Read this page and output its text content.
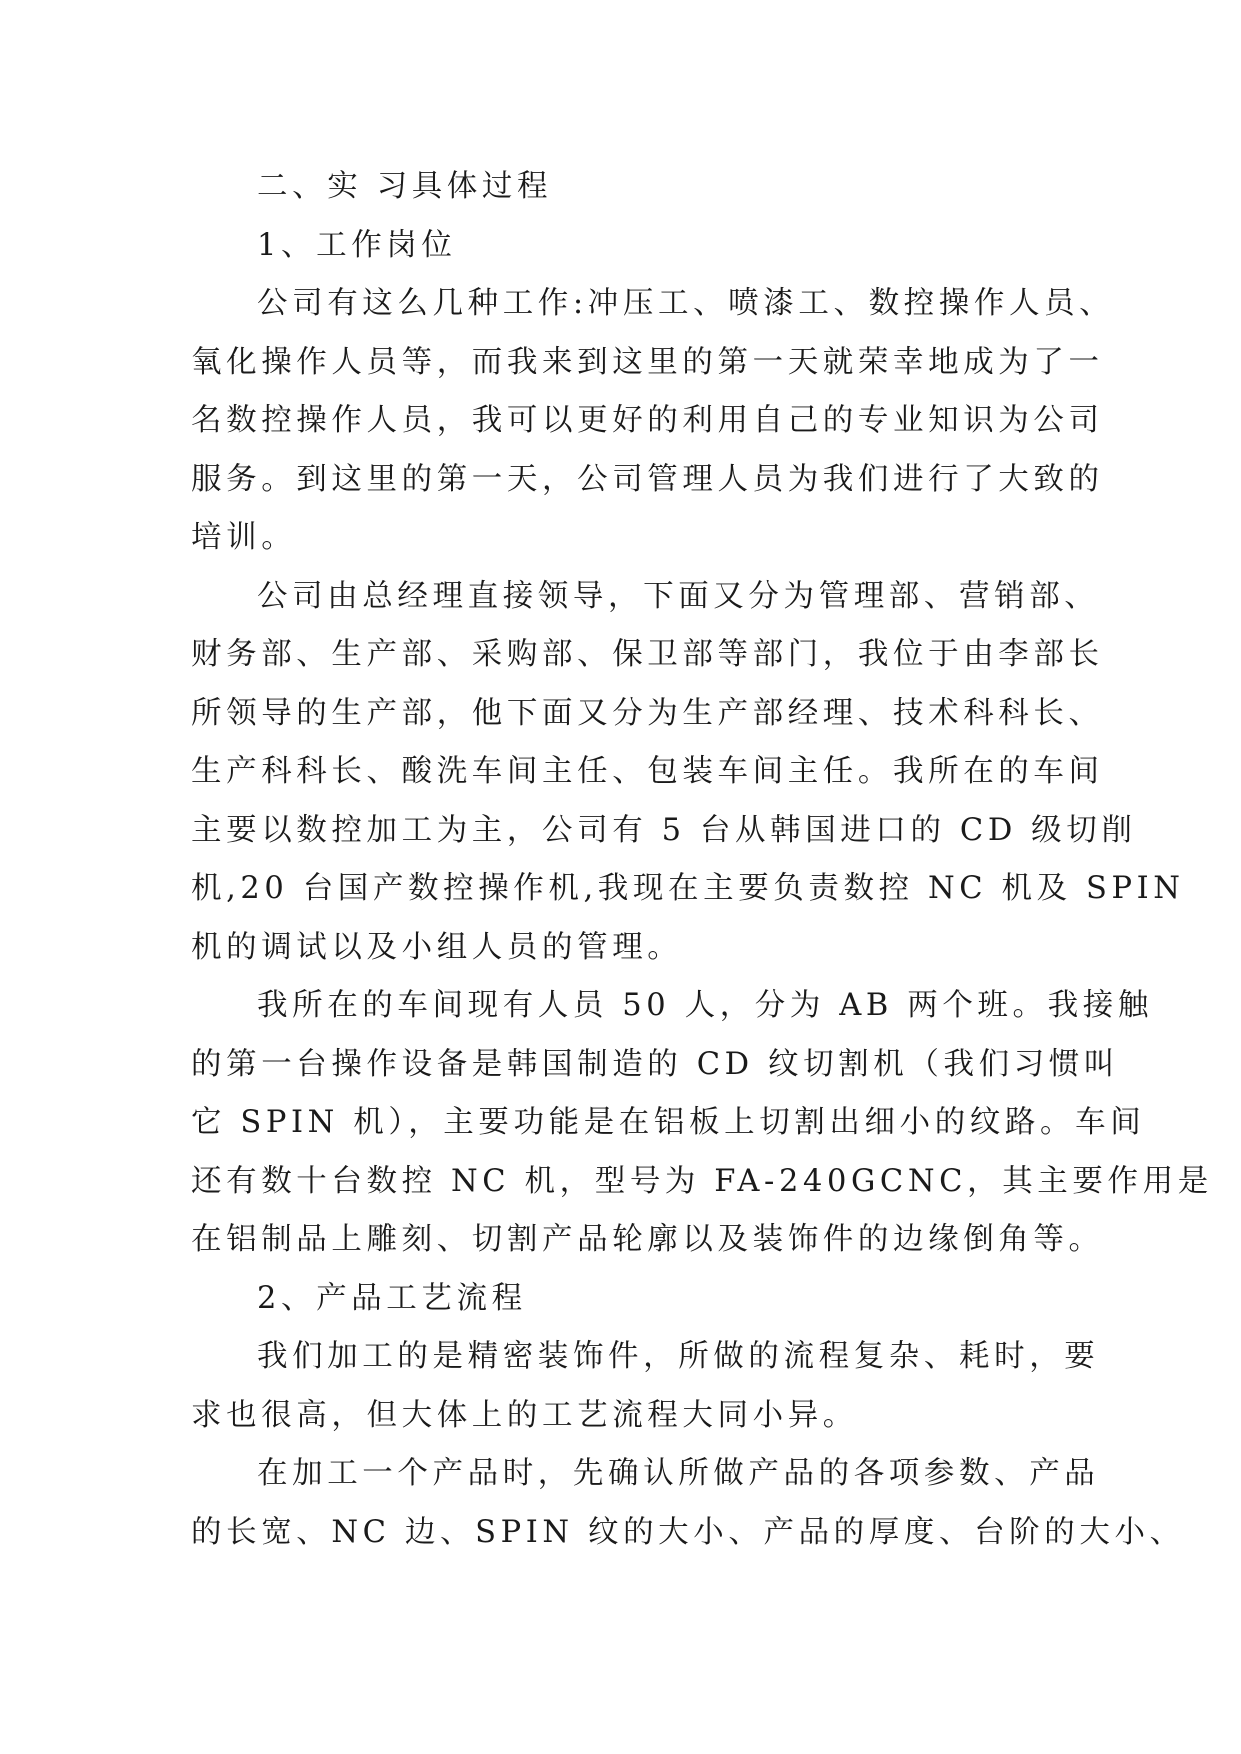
二、实 习具体过程
1、工作岗位
公司有这么几种工作:冲压工、喷漆工、数控操作人员、
氧化操作人员等，而我来到这里的第一天就荣幸地成为了一
名数控操作人员，我可以更好的利用自己的专业知识为公司
服务。到这里的第一天，公司管理人员为我们进行了大致的
培训。
公司由总经理直接领导，下面又分为管理部、营销部、
财务部、生产部、采购部、保卫部等部门，我位于由李部长
所领导的生产部，他下面又分为生产部经理、技术科科长、
生产科科长、酸洗车间主任、包装车间主任。我所在的车间
主要以数控加工为主，公司有 5 台从韩国进口的 CD 级切削
机,20 台国产数控操作机,我现在主要负责数控 NC 机及 SPIN
机的调试以及小组人员的管理。
我所在的车间现有人员 50 人，分为 AB 两个班。我接触
的第一台操作设备是韩国制造的 CD 纹切割机（我们习惯叫
它 SPIN 机），主要功能是在铝板上切割出细小的纹路。车间
还有数十台数控 NC 机，型号为 FA-240GCNC，其主要作用是
在铝制品上雕刻、切割产品轮廓以及装饰件的边缘倒角等。
2、产品工艺流程
我们加工的是精密装饰件，所做的流程复杂、耗时，要
求也很高，但大体上的工艺流程大同小异。
在加工一个产品时，先确认所做产品的各项参数、产品
的长宽、NC 边、SPIN 纹的大小、产品的厚度、台阶的大小、
